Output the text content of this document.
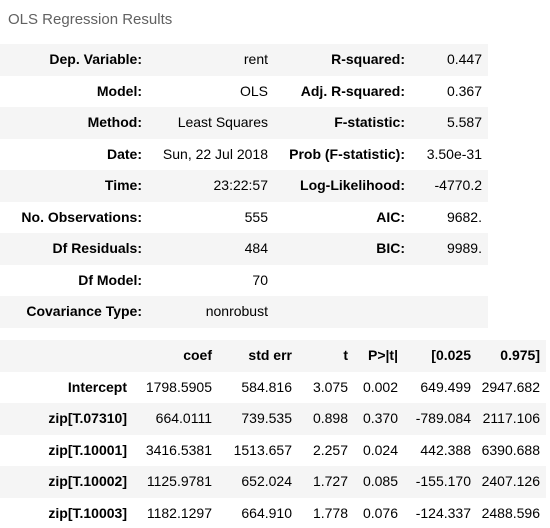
OLS Regression Results
Dep. Variable:	rent	R-squared:	0.447
Model:	OLS	Adj. R-squared:	0.367
Method:	Least Squares	F-statistic:	5.587
Date:	Sun, 22 Jul 2018	Prob (F-statistic):	3.50e-31
Time:	23:22:57	Log-Likelihood:	-4770.2
No. Observations:	555	AIC:	9682.
Df Residuals:	484	BIC:	9989.
Df Model:	70		
Covariance Type:	nonrobust		
	coef	std err	t	P>|t|	[0.025	0.975]
Intercept	1798.5905	584.816	3.075	0.002	649.499	2947.682
zip[T.07310]	664.0111	739.535	0.898	0.370	-789.084	2117.106
zip[T.10001]	3416.5381	1513.657	2.257	0.024	442.388	6390.688
zip[T.10002]	1125.9781	652.024	1.727	0.085	-155.170	2407.126
zip[T.10003]	1182.1297	664.910	1.778	0.076	-124.337	2488.596
